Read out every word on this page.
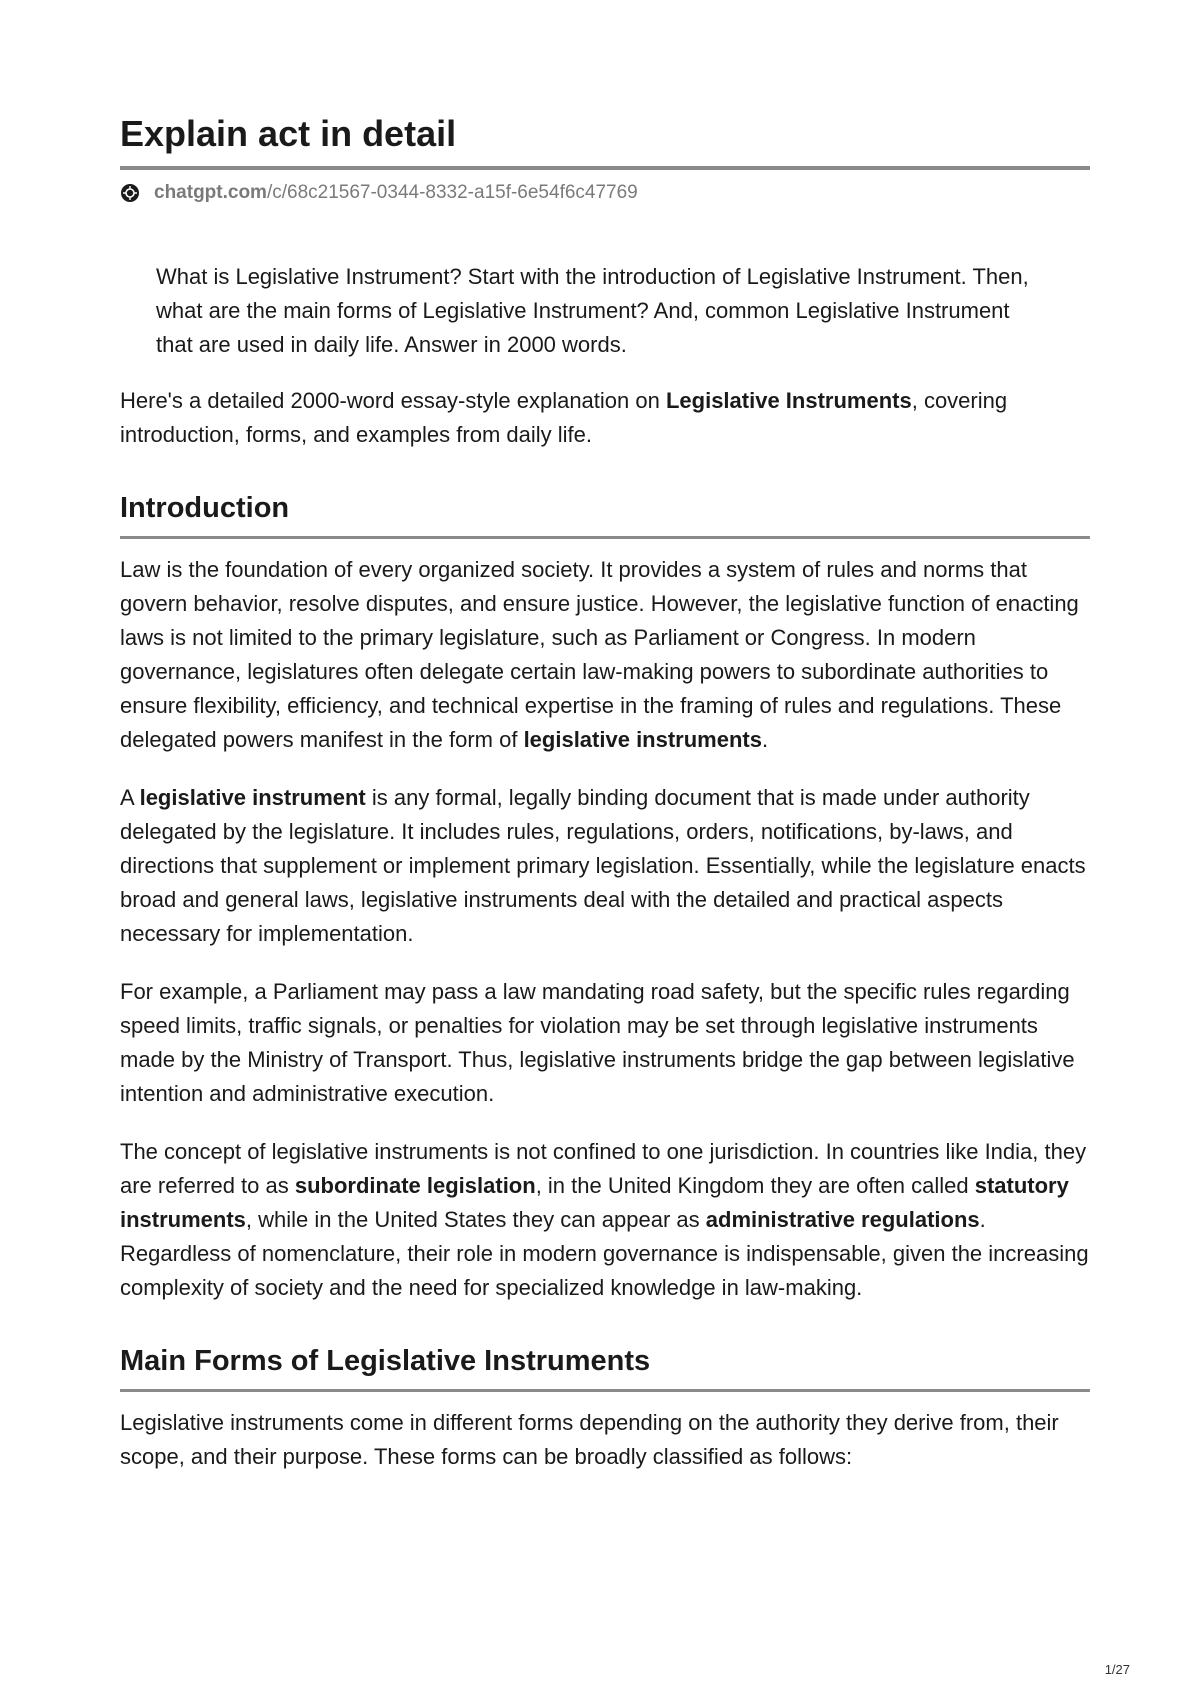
Explain act in detail
chatgpt.com /c/68c21567-0344-8332-a15f-6e54f6c47769
What is Legislative Instrument? Start with the introduction of Legislative Instrument. Then, what are the main forms of Legislative Instrument? And, common Legislative Instrument that are used in daily life. Answer in 2000 words.

Here's a detailed 2000-word essay-style explanation on Legislative Instruments, covering introduction, forms, and examples from daily life.

Introduction

Law is the foundation of every organized society. It provides a system of rules and norms that govern behavior, resolve disputes, and ensure justice. However, the legislative function of enacting laws is not limited to the primary legislature, such as Parliament or Congress. In modern governance, legislatures often delegate certain law-making powers to subordinate authorities to ensure flexibility, efficiency, and technical expertise in the framing of rules and regulations. These delegated powers manifest in the form of legislative instruments.

A legislative instrument is any formal, legally binding document that is made under authority delegated by the legislature. It includes rules, regulations, orders, notifications, by-laws, and directions that supplement or implement primary legislation. Essentially, while the legislature enacts broad and general laws, legislative instruments deal with the detailed and practical aspects necessary for implementation.

For example, a Parliament may pass a law mandating road safety, but the specific rules regarding speed limits, traffic signals, or penalties for violation may be set through legislative instruments made by the Ministry of Transport. Thus, legislative instruments bridge the gap between legislative intention and administrative execution.

The concept of legislative instruments is not confined to one jurisdiction. In countries like India, they are referred to as subordinate legislation, in the United Kingdom they are often called statutory instruments, while in the United States they can appear as administrative regulations. Regardless of nomenclature, their role in modern governance is indispensable, given the increasing complexity of society and the need for specialized knowledge in law-making.

Main Forms of Legislative Instruments

Legislative instruments come in different forms depending on the authority they derive from, their scope, and their purpose. These forms can be broadly classified as follows:

1/27
